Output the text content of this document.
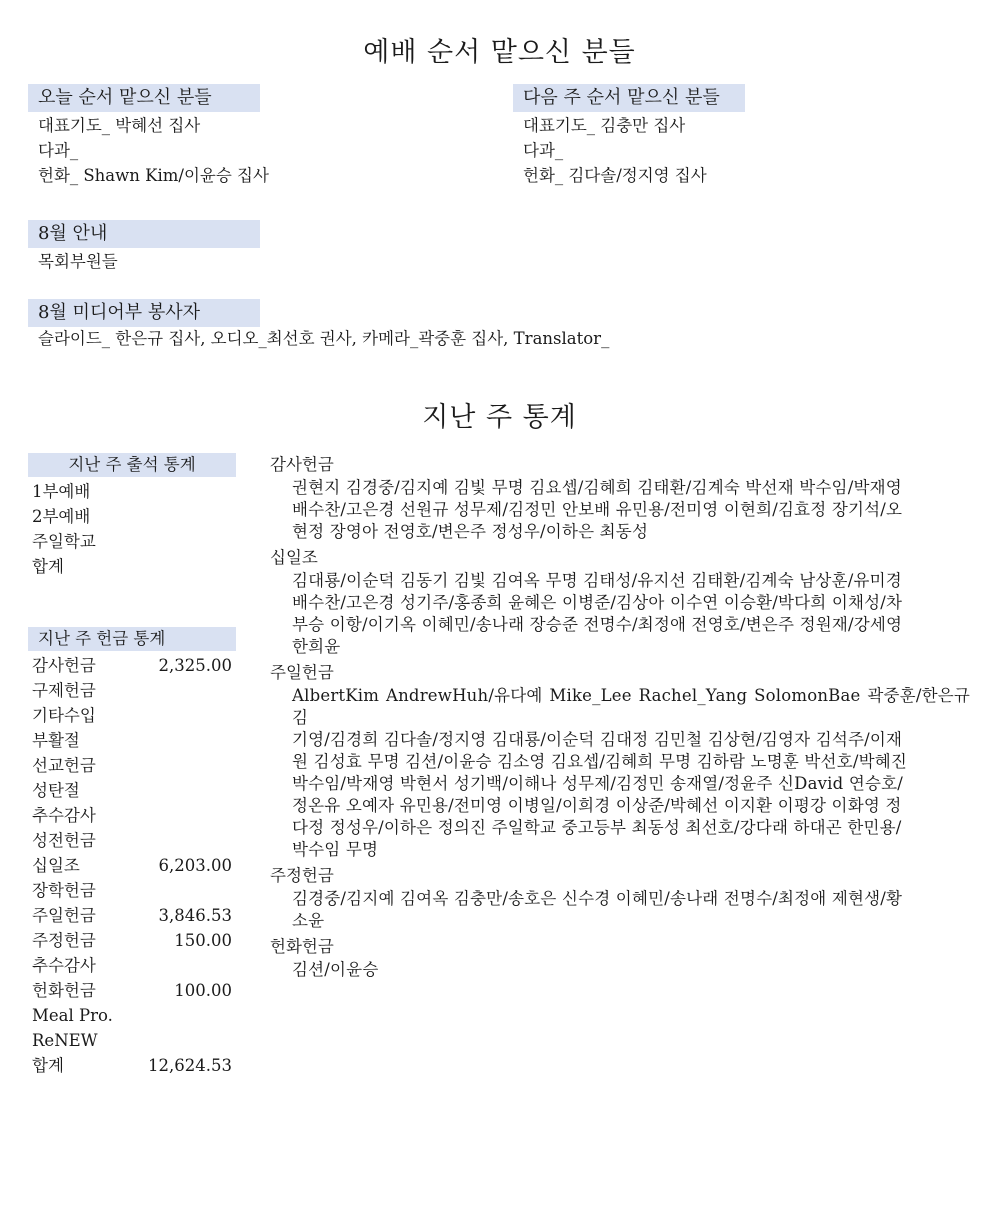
예배 순서 맡으신 분들
오늘 순서 맡으신 분들
대표기도_ 박혜선 집사
다과_
헌화_ Shawn Kim/이윤승 집사
다음 주 순서 맡으신 분들
대표기도_ 김충만 집사
다과_
헌화_ 김다솔/정지영 집사
8월 안내
목회부원들
8월 미디어부 봉사자
슬라이드_ 한은규 집사, 오디오_최선호 권사, 카메라_곽중훈 집사, Translator_
지난 주 통계
지난 주 출석 통계
1부예배
2부예배
주일학교
합계
지난 주 헌금 통계
감사헌금	2,325.00
구제헌금
기타수입
부활절
선교헌금
성탄절
추수감사
성전헌금
십일조	6,203.00
장학헌금
주일헌금	3,846.53
주정헌금	150.00
추수감사
헌화헌금	100.00
Meal Pro.
ReNEW
합계	12,624.53
감사헌금
권현지 김경중/김지예 김빛 무명 김요셉/김혜희 김태환/김계숙 박선재 박수임/박재영
배수찬/고은경 선원규 성무제/김정민 안보배 유민용/전미영 이현희/김효정 장기석/오
현정 장영아 전영호/변은주 정성우/이하은 최동성
십일조
김대룡/이순덕 김동기 김빛 김여옥 무명 김태성/유지선 김태환/김계숙 남상훈/유미경
배수찬/고은경 성기주/홍종희 윤혜은 이병준/김상아 이수연 이승환/박다희 이채성/차
부승 이항/이기옥 이혜민/송나래 장승준 전명수/최정애 전영호/변은주 정원재/강세영
한희윤
주일헌금
AlbertKim AndrewHuh/유다예 Mike_Lee Rachel_Yang SolomonBae 곽중훈/한은규 김
기영/김경희 김다솔/정지영 김대룡/이순덕 김대정 김민철 김상현/김영자 김석주/이재
원 김성효 무명 김션/이윤승 김소영 김요셉/김혜희 무명 김하람 노명훈 박선호/박혜진
박수임/박재영 박현서 성기백/이해나 성무제/김정민 송재열/정윤주 신David 연승호/
정온유 오예자 유민용/전미영 이병일/이희경 이상준/박혜선 이지환 이평강 이화영 정
다정 정성우/이하은 정의진 주일학교 중고등부 최동성 최선호/강다래 하대곤 한민용/
박수임 무명
주정헌금
김경중/김지예 김여옥 김충만/송호은 신수경 이혜민/송나래 전명수/최정애 제현생/황
소윤
헌화헌금
김션/이윤승
